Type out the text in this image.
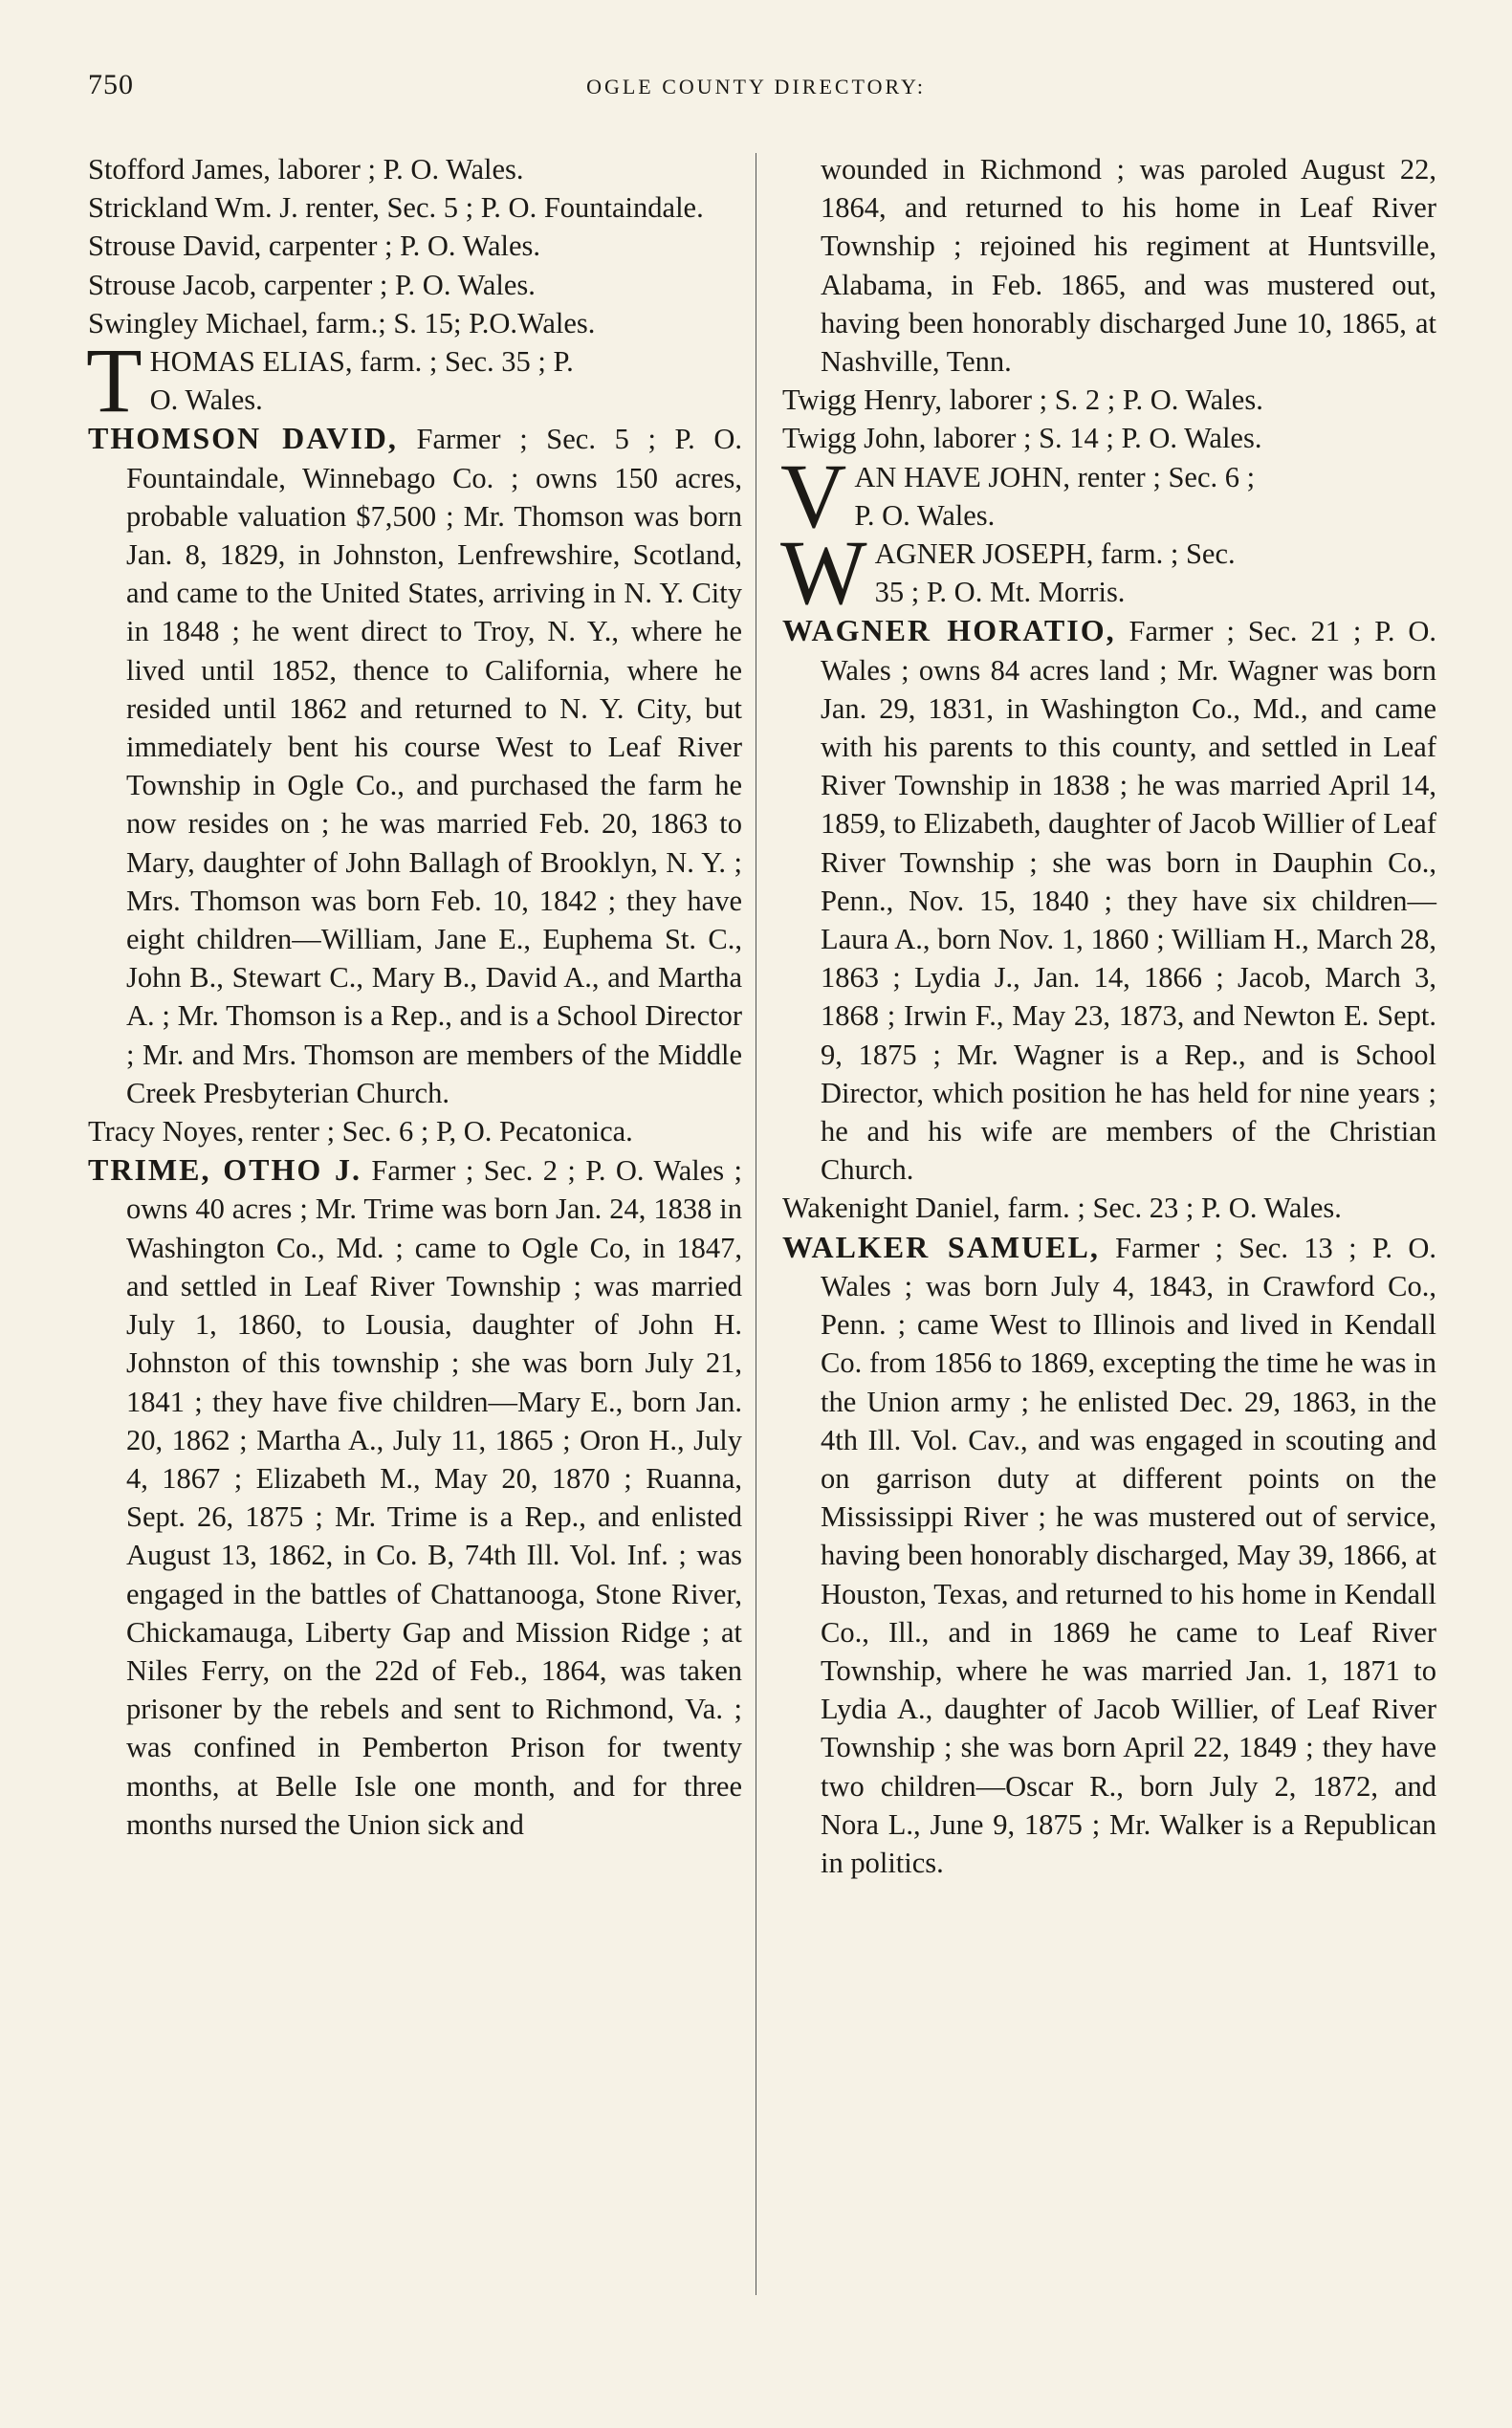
750	OGLE COUNTY DIRECTORY:

Stofford James, laborer ; P. O. Wales.

Strickland Wm. J. renter, Sec. 5 ; P. O. Fountaindale.

Strouse David, carpenter ; P. O. Wales.

Strouse Jacob, carpenter ; P. O. Wales.

Swingley Michael, farm.; S. 15; P.O.Wales.

T HOMAS ELIAS, farm. ; Sec. 35 ; P.
O. Wales.

THOMSON DAVID, Farmer ; Sec. 5 ; P. O. Fountaindale, Winnebago Co. ; owns 150 acres, probable valuation $7,500 ; Mr. Thomson was born Jan. 8, 1829, in Johnston, Lenfrewshire, Scotland, and came to the United States, arriving in N. Y. City in 1848 ; he went direct to Troy, N. Y., where he lived until 1852, thence to California, where he resided until 1862 and returned to N. Y. City, but immediately bent his course West to Leaf River Township in Ogle Co., and purchased the farm he now resides on ; he was married Feb. 20, 1863 to Mary, daughter of John Ballagh of Brooklyn, N. Y. ; Mrs. Thomson was born Feb. 10, 1842 ; they have eight children—William, Jane E., Euphema St. C., John B., Stewart C., Mary B., David A., and Martha A. ; Mr. Thomson is a Rep., and is a School Director ; Mr. and Mrs. Thomson are members of the Middle Creek Presbyterian Church.

Tracy Noyes, renter ; Sec. 6 ; P, O. Pecatonica.

TRIME, OTHO J. Farmer ; Sec. 2 ; P. O. Wales ; owns 40 acres ; Mr. Trime was born Jan. 24, 1838 in Washington Co., Md. ; came to Ogle Co, in 1847, and settled in Leaf River Township ; was married July 1, 1860, to Lousia, daughter of John H. Johnston of this township ; she was born July 21, 1841 ; they have five children—Mary E., born Jan. 20, 1862 ; Martha A., July 11, 1865 ; Oron H., July 4, 1867 ; Elizabeth M., May 20, 1870 ; Ruanna, Sept. 26, 1875 ; Mr. Trime is a Rep., and enlisted August 13, 1862, in Co. B, 74th Ill. Vol. Inf. ; was engaged in the battles of Chattanooga, Stone River, Chickamauga, Liberty Gap and Mission Ridge ; at Niles Ferry, on the 22d of Feb., 1864, was taken prisoner by the rebels and sent to Richmond, Va. ; was confined in Pemberton Prison for twenty months, at Belle Isle one month, and for three months nursed the Union sick and

wounded in Richmond ; was paroled August 22, 1864, and returned to his home in Leaf River Township ; rejoined his regiment at Huntsville, Alabama, in Feb. 1865, and was mustered out, having been honorably discharged June 10, 1865, at Nashville, Tenn.

Twigg Henry, laborer ; S. 2 ; P. O. Wales.

Twigg John, laborer ; S. 14 ; P. O. Wales.

V AN HAVE JOHN, renter ; Sec. 6 ;
P. O. Wales.
W AGNER JOSEPH, farm. ; Sec.
35 ; P. O. Mt. Morris.

WAGNER HORATIO, Farmer ; Sec. 21 ; P. O. Wales ; owns 84 acres land ; Mr. Wagner was born Jan. 29, 1831, in Washington Co., Md., and came with his parents to this county, and settled in Leaf River Township in 1838 ; he was married April 14, 1859, to Elizabeth, daughter of Jacob Willier of Leaf River Township ; she was born in Dauphin Co., Penn., Nov. 15, 1840 ; they have six children—Laura A., born Nov. 1, 1860 ; William H., March 28, 1863 ; Lydia J., Jan. 14, 1866 ; Jacob, March 3, 1868 ; Irwin F., May 23, 1873, and Newton E. Sept. 9, 1875 ; Mr. Wagner is a Rep., and is School Director, which position he has held for nine years ; he and his wife are members of the Christian Church.

Wakenight Daniel, farm. ; Sec. 23 ; P. O. Wales.

WALKER SAMUEL, Farmer ; Sec. 13 ; P. O. Wales ; was born July 4, 1843, in Crawford Co., Penn. ; came West to Illinois and lived in Kendall Co. from 1856 to 1869, excepting the time he was in the Union army ; he enlisted Dec. 29, 1863, in the 4th Ill. Vol. Cav., and was engaged in scouting and on garrison duty at different points on the Mississippi River ; he was mustered out of service, having been honorably discharged, May 39, 1866, at Houston, Texas, and returned to his home in Kendall Co., Ill., and in 1869 he came to Leaf River Township, where he was married Jan. 1, 1871 to Lydia A., daughter of Jacob Willier, of Leaf River Township ; she was born April 22, 1849 ; they have two children—Oscar R., born July 2, 1872, and Nora L., June 9, 1875 ; Mr. Walker is a Republican in politics.
